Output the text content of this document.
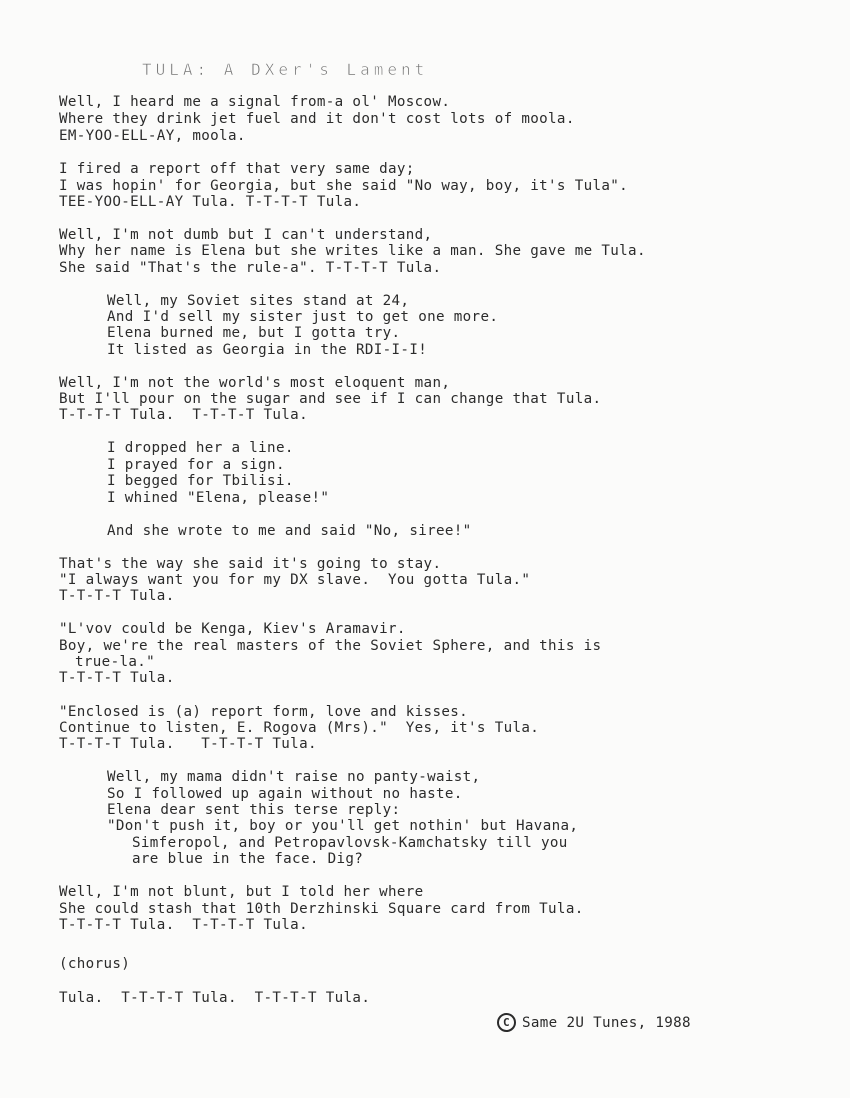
TULA: A DXer's Lament
Well, I heard me a signal from-a ol' Moscow.
Where they drink jet fuel and it don't cost lots of moola.
EM-YOO-ELL-AY, moola.
I fired a report off that very same day;
I was hopin' for Georgia, but she said "No way, boy, it's Tula".
TEE-YOO-ELL-AY Tula. T-T-T-T Tula.
Well, I'm not dumb but I can't understand,
Why her name is Elena but she writes like a man. She gave me Tula.
She said "That's the rule-a". T-T-T-T Tula.
Well, my Soviet sites stand at 24,
And I'd sell my sister just to get one more.
Elena burned me, but I gotta try.
It listed as Georgia in the RDI-I-I!
Well, I'm not the world's most eloquent man,
But I'll pour on the sugar and see if I can change that Tula.
T-T-T-T Tula.  T-T-T-T Tula.
I dropped her a line.
I prayed for a sign.
I begged for Tbilisi.
I whined "Elena, please!"
And she wrote to me and said "No, siree!"
That's the way she said it's going to stay.
"I always want you for my DX slave.  You gotta Tula."
T-T-T-T Tula.
"L'vov could be Kenga, Kiev's Aramavir.
Boy, we're the real masters of the Soviet Sphere, and this is
true-la."
T-T-T-T Tula.
"Enclosed is (a) report form, love and kisses.
Continue to listen, E. Rogova (Mrs)."  Yes, it's Tula.
T-T-T-T Tula.   T-T-T-T Tula.
Well, my mama didn't raise no panty-waist,
So I followed up again without no haste.
Elena dear sent this terse reply:
"Don't push it, boy or you'll get nothin' but Havana,
Simferopol, and Petropavlovsk-Kamchatsky till you
are blue in the face. Dig?
Well, I'm not blunt, but I told her where
She could stash that 10th Derzhinski Square card from Tula.
T-T-T-T Tula.  T-T-T-T Tula.
(chorus)
Tula.  T-T-T-T Tula.  T-T-T-T Tula.
C Same 2U Tunes, 1988
